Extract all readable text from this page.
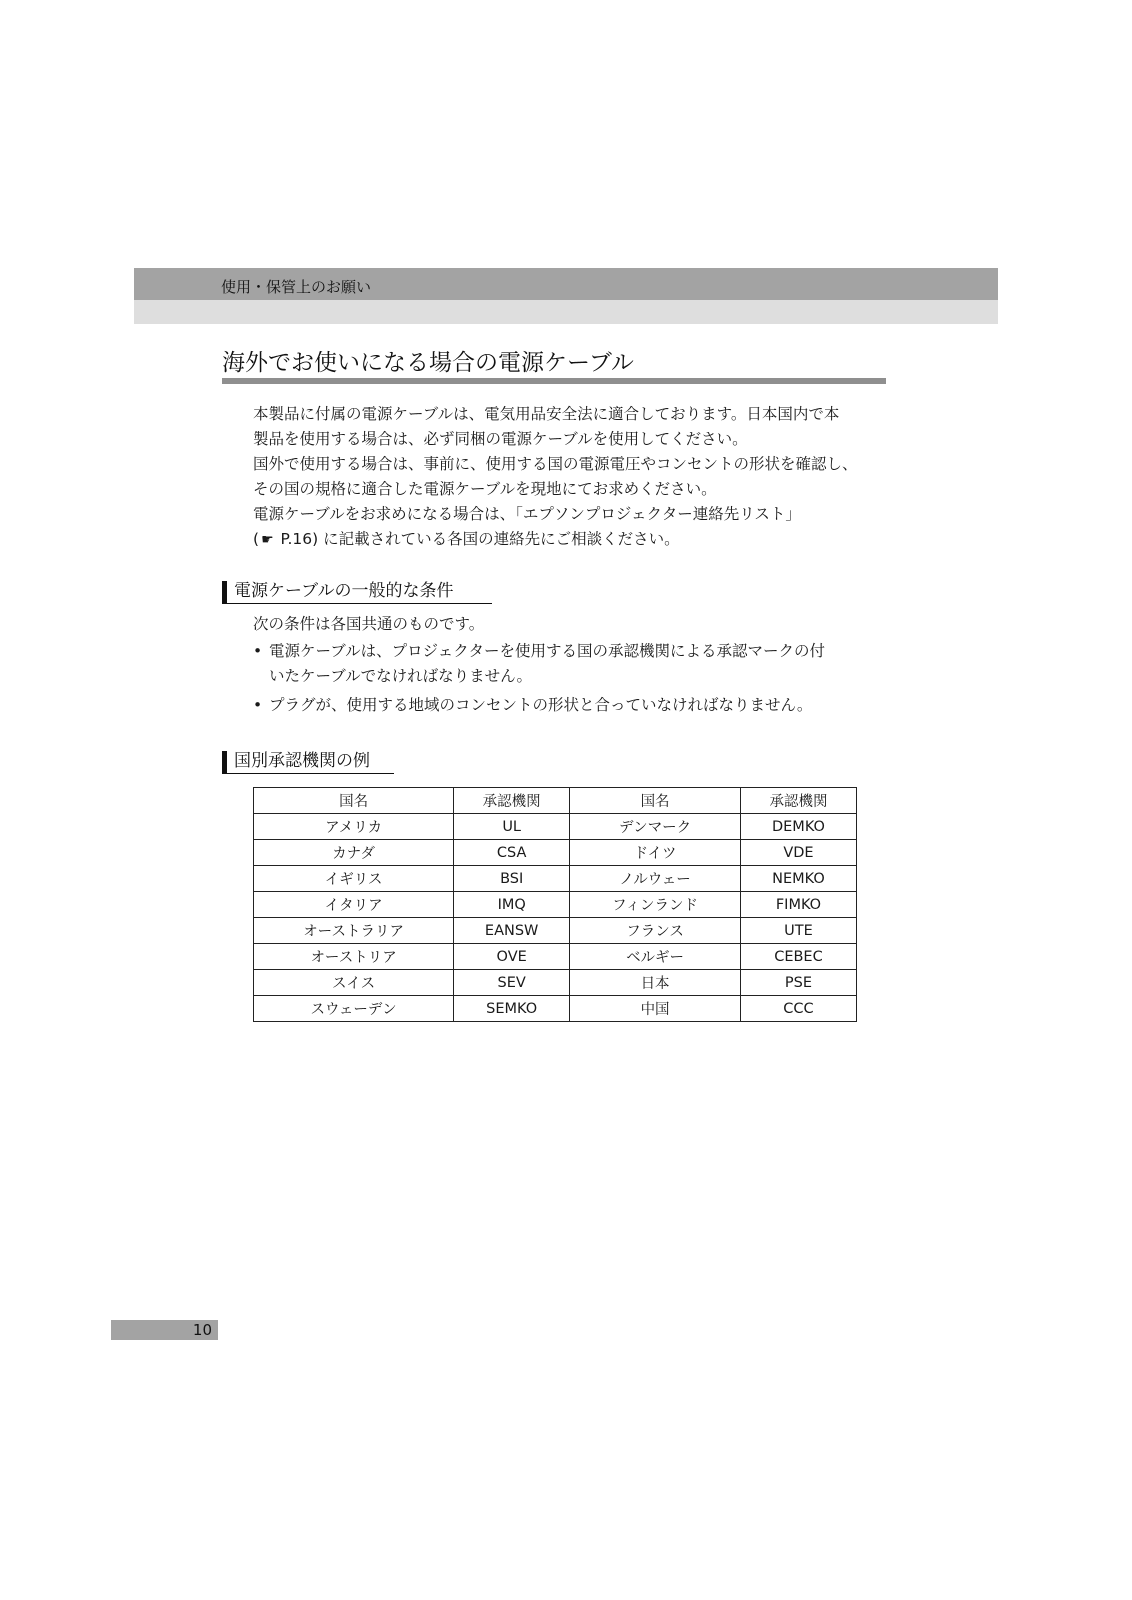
使用・保管上のお願い
海外でお使いになる場合の電源ケーブル

本製品に付属の電源ケーブルは、電気用品安全法に適合しております。日本国内で本

製品を使用する場合は、必ず同梱の電源ケーブルを使用してください。

国外で使用する場合は、事前に、使用する国の電源電圧やコンセントの形状を確認し、

その国の規格に適合した電源ケーブルを現地にてお求めください。

電源ケーブルをお求めになる場合は、「エプソンプロジェクター連絡先リスト」

( ☛ P.16) に記載されている各国の連絡先にご相談ください。

電源ケーブルの一般的な条件
次の条件は各国共通のものです。
• 電源ケーブルは、プロジェクターを使用する国の承認機関による承認マークの付
いたケーブルでなければなりません。
• プラグが、使用する地域のコンセントの形状と合っていなければなりません。
国別承認機関の例
国名	承認機関	国名	承認機関
アメリカ	UL	デンマーク	DEMKO
カナダ	CSA	ドイツ	VDE
イギリス	BSI	ノルウェー	NEMKO
イタリア	IMQ	フィンランド	FIMKO
オーストラリア	EANSW	フランス	UTE
オーストリア	OVE	ベルギー	CEBEC
スイス	SEV	日本	PSE
スウェーデン	SEMKO	中国	CCC
10
